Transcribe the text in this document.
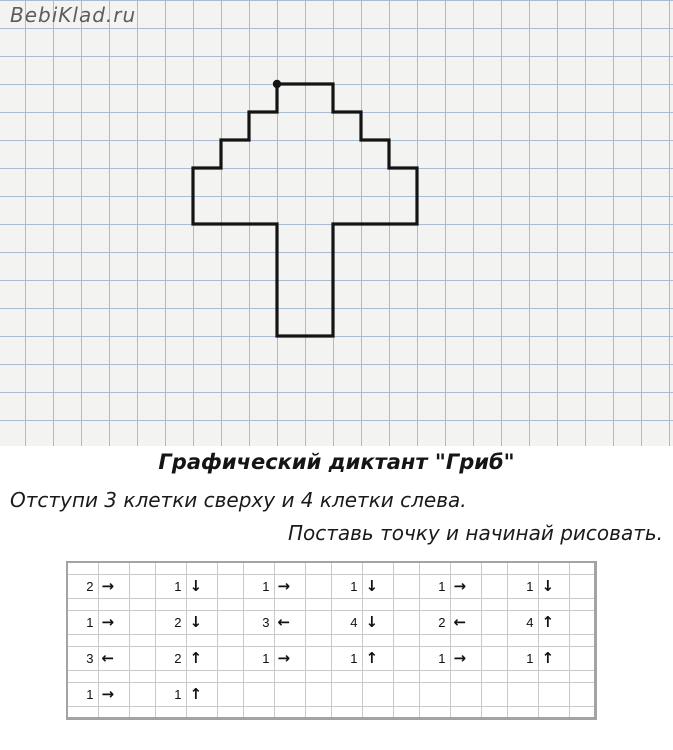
BebiKlad.ru
Графический диктант "Гриб"

Отступи 3 клетки сверху и 4 клетки слева.

Поставь точку и начинай рисовать.

2	→		1	↓		1	→		1	↓		1	→		1	↓	

1	→		2	↓		3	←		4	↓		2	←		4	↑	

3	←		2	↑		1	→		1	↑		1	→		1	↑	

1	→		1	↑													
